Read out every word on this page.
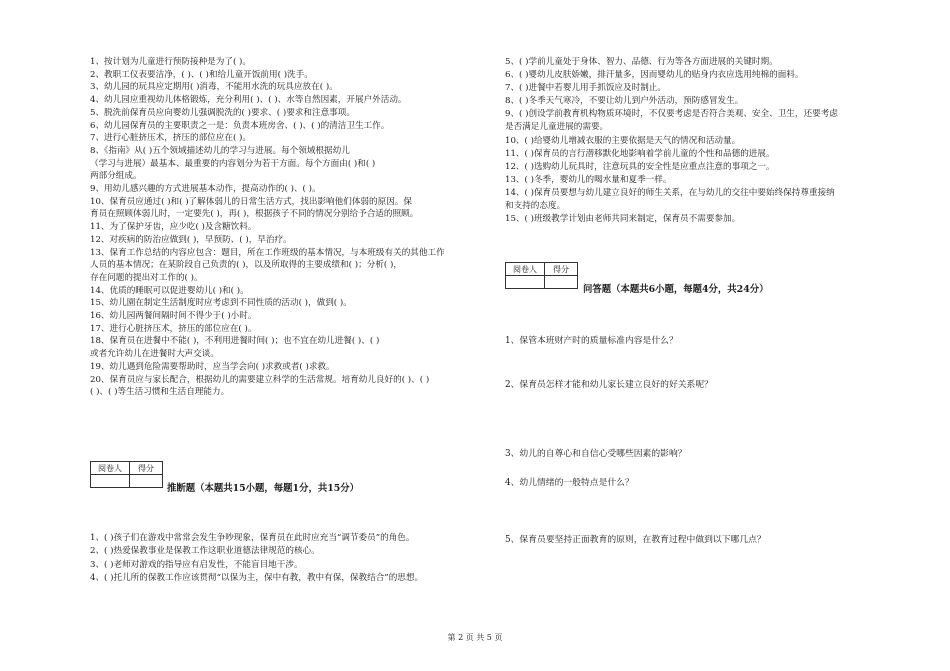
1、按计划为儿童进行预防接种是为了( )。
2、教职工仪表要洁净，( )、( )和给儿童开饭前用( )洗手。
3、幼儿园的玩具应定期用( )消毒，不能用水洗的玩具应放在( )。
4、幼儿园应重视幼儿体格锻炼，充分利用( )、( )、水等自然因素，开展户外活动。
5、脱洗前保育员应向婴幼儿强调脱洗的( )要求、( )要求和注意事项。
6、幼儿园保育员的主要职责之一是：负责本班房舍、( )、( )的清洁卫生工作。
7、进行心脏挤压术，挤压的部位应在( )。
8、《指南》从( )五个领域描述幼儿的学习与进展。每个领域根据幼儿
（学习与进展）最基本、最重要的内容划分为若干方面。每个方面由( )和( )
两部分组成。
9、用幼儿感兴趣的方式进展基本动作，提高动作的( )、( )。
10、保育员应通过( )和( )了解体弱儿的日常生活方式，找出影响他们体弱的原因。保
育员在照顾体弱儿时，一定要先( )，再( )，根据孩子不同的情况分别给予合适的照顾。
11、为了保护牙齿，应少吃( )及含糖饮料。
12、对疾病的防治应做到( )，早预防、( )，早治疗。
13、保育工作总结的内容应包含：题目，所在工作班级的基本情况，与本班级有关的其他工作
人员的基本情况；在某阶段自己负责的( )，以及所取得的主要成绩和( )；分析( )，
存在问题的提出对工作的( )。
14、优质的睡眠可以促进婴幼儿( )和( )。
15、幼儿園在制定生活制度时应考虑到不同性质的活动( )，做到( )。
16、幼儿园两餐间隔时间不得少于( )小时。
17、进行心脏挤压术，挤压的部位应在( )。
18、保育员在进餐中不能( )，不利用进餐时间( )；也不宜在幼儿进餐( )、( )
或者允许幼儿在进餐时大声交谈。
19、幼儿遇到危险需要帮助时，应当学会向( )求救或者( )求救。
20、保育员应与家长配合，根据幼儿的需要建立科学的生活常规。培育幼儿良好的( )、( )
( )、( )等生活习惯和生活自理能力。
阅卷人	得分

推断题（本题共15小题，每题1分，共15分）
1、( )孩子们在游戏中常常会发生争吵现象，保育员在此时应充当“调节委员”的角色。
2、( )热爱保教事业是保教工作这职业道德法律规范的核心。
3、( )老师对游戏的指导应有启发性，不能盲目地干涉。
4、( )托儿所的保教工作应该贯彻“以保为主，保中有教，教中有保，保教结合”的思想。
5、( )学前儿童处于身体、智力、品德、行为等各方面进展的关键时期。
6、( )婴幼儿皮肤娇嫩，排汗量多，因而婴幼儿的贴身内衣应选用纯棉的面料。
7、( )进餐中若婴儿用手抓饭应及时制止。
8、( )冬季天气寒冷，不要让幼儿到户外活动，预防感冒发生。
9、( )创设学前教育机构物质环境时，不仅要考虑是否符合美观、安全、卫生，还要考虑
是否满足儿童进展的需要。
10、( )给婴幼儿增减衣服的主要依据是天气的情况和活动量。
11、( )保育员的言行潜移默化地影响着学前儿童的个性和品德的进展。
12、( )选购幼儿玩具时，注意玩具的安全性是应重点注意的事项之一。
13、( )冬季，婴幼儿的喝水量和夏季一样。
14、( )保育员要想与幼儿建立良好的师生关系，在与幼儿的交往中要始终保持尊重接纳
和支持的态度。
15、( )班级教学计划由老师共同来制定，保育员不需要参加。
阅卷人	得分

问答题（本题共6小题，每题4分，共24分）
1、保管本班财产时的质量标准内容是什么？
2、保育员怎样才能和幼儿家长建立良好的好关系呢？
3、幼儿的自尊心和自信心受哪些因素的影响？
4、幼儿情绪的一般特点是什么？
5、保育员要坚持正面教育的原则，在教育过程中做到以下哪几点？
第 2 页 共 5 页
